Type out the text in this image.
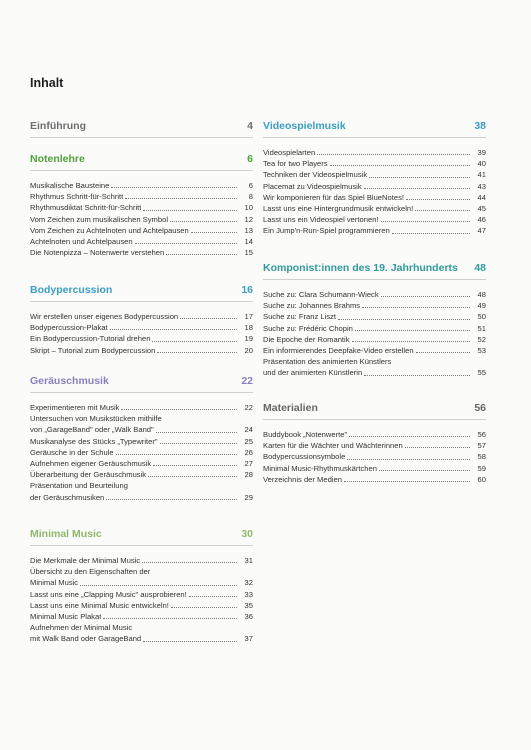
Inhalt
Einführung	4
Notenlehre	6
Musikalische Bausteine	6
Rhythmus Schritt-für-Schritt	8
Rhythmusdiktat Schritt-für-Schritt	10
Vom Zeichen zum musikalischen Symbol	12
Vom Zeichen zu Achtelnoten und Achtelpausen	13
Achtelnoten und Achtelpausen	14
Die Notenpizza – Notenwerte verstehen	15
Bodypercussion	16
Wir erstellen unser eigenes Bodypercussion	17
Bodypercussion-Plakat	18
Ein Bodypercussion-Tutorial drehen	19
Skript – Tutorial zum Bodypercussion	20
Geräuschmusik	22
Experimentieren mit Musik	22
Untersuchen von Musikstücken mithilfe
von „GarageBand" oder „Walk Band"	24
Musikanalyse des Stücks „Typewriter"	25
Geräusche in der Schule	26
Aufnehmen eigener Geräuschmusik	27
Überarbeitung der Geräuschmusik	28
Präsentation und Beurteilung
der Geräuschmusiken	29
Minimal Music	30
Die Merkmale der Minimal Music	31
Übersicht zu den Eigenschaften der
Minimal Music	32
Lasst uns eine „Clapping Music" ausprobieren!	33
Lasst uns eine Minimal Music entwickeln!	35
Minimal Music Plakat	36
Aufnehmen der Minimal Music
mit Walk Band oder GarageBand	37
Videospielmusik	38
Videospielarten	39
Tea for two Players	40
Techniken der Videospielmusik	41
Placemat zu Videospielmusik	43
Wir komponieren für das Spiel BlueNotes!	44
Lasst uns eine Hintergrundmusik entwickeln!	45
Lasst uns ein Videospiel vertonen!	46
Ein Jump'n-Run-Spiel programmieren	47
Komponist:innen des 19. Jahrhunderts 48
Suche zu: Clara Schumann-Wieck	48
Suche zu: Johannes Brahms	49
Suche zu: Franz Liszt	50
Suche zu: Frédéric Chopin	51
Die Epoche der Romantik	52
Ein informierendes Deepfake-Video erstellen	53
Präsentation des animierten Künstlers
und der animierten Künstlerin	55
Materialien	56
Buddybook „Notenwerte"	56
Karten für die Wächter und Wächterinnen	57
Bodypercussionsymbole	58
Minimal Music-Rhythmuskärtchen	59
Verzeichnis der Medien	60
